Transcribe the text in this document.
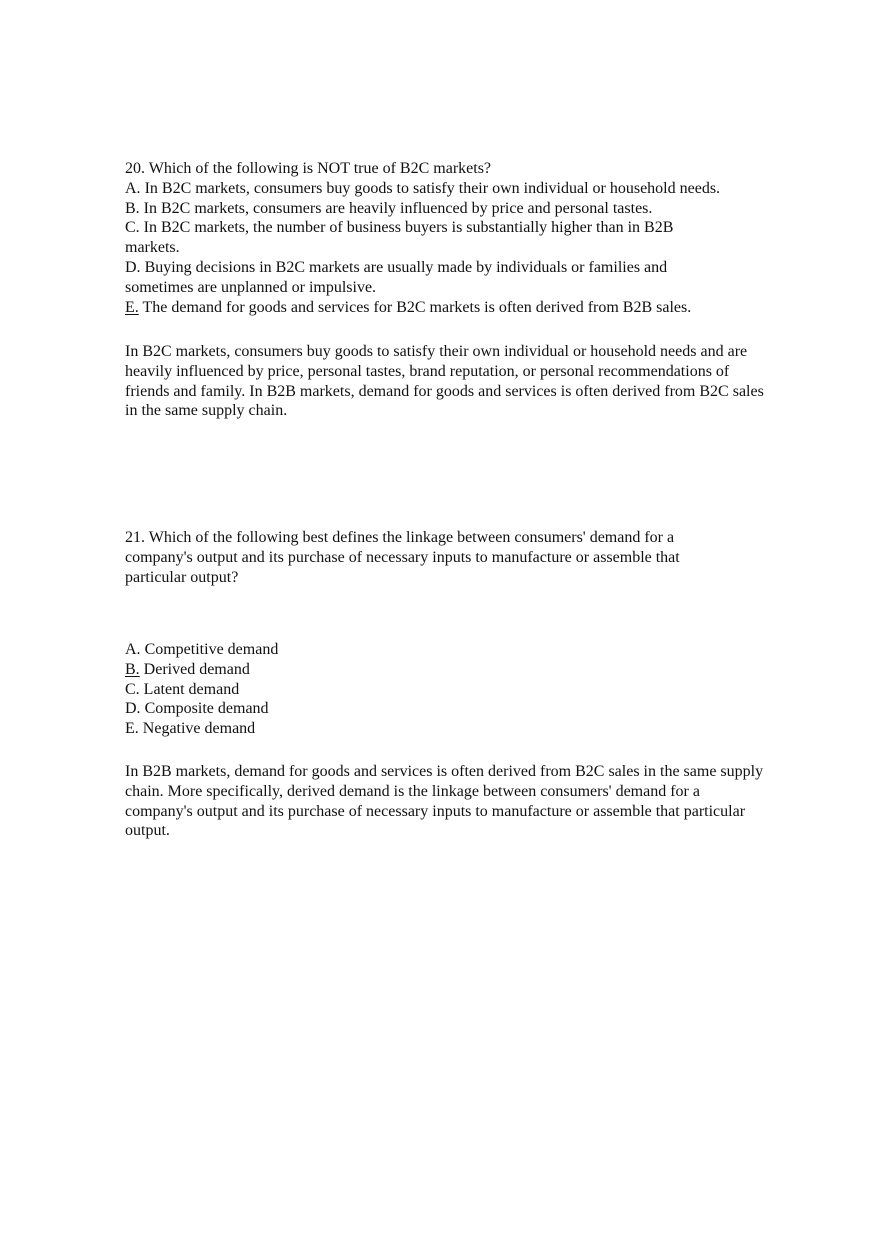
20. Which of the following is NOT true of B2C markets?
A. In B2C markets, consumers buy goods to satisfy their own individual or household needs.
B. In B2C markets, consumers are heavily influenced by price and personal tastes.
C. In B2C markets, the number of business buyers is substantially higher than in B2B markets.
D. Buying decisions in B2C markets are usually made by individuals or families and sometimes are unplanned or impulsive.
E. The demand for goods and services for B2C markets is often derived from B2B sales.
In B2C markets, consumers buy goods to satisfy their own individual or household needs and are heavily influenced by price, personal tastes, brand reputation, or personal recommendations of friends and family. In B2B markets, demand for goods and services is often derived from B2C sales in the same supply chain.
21. Which of the following best defines the linkage between consumers' demand for a company's output and its purchase of necessary inputs to manufacture or assemble that particular output?
A. Competitive demand
B. Derived demand
C. Latent demand
D. Composite demand
E. Negative demand
In B2B markets, demand for goods and services is often derived from B2C sales in the same supply chain. More specifically, derived demand is the linkage between consumers' demand for a company's output and its purchase of necessary inputs to manufacture or assemble that particular output.
